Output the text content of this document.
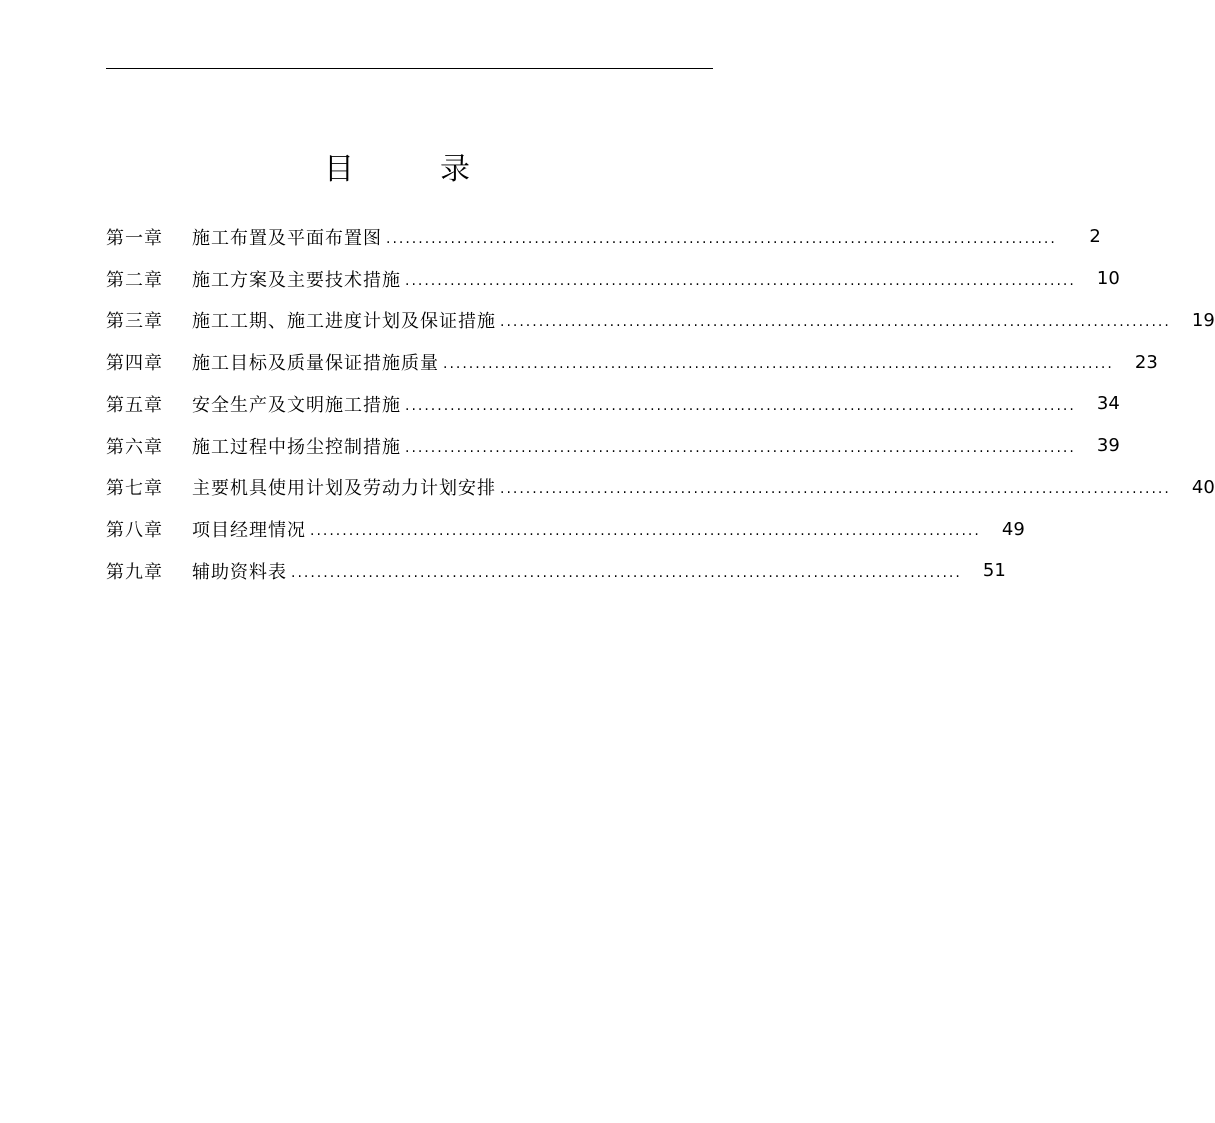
目　录
第一章	施工布置及平面布置图 ........................................................................................................	2
第二章	施工方案及主要技术措施 ........................................................................................................	10
第三章	施工工期、施工进度计划及保证措施 ........................................................................................................	19
第四章	施工目标及质量保证措施质量 ........................................................................................................	23
第五章	安全生产及文明施工措施 ........................................................................................................	34
第六章	施工过程中扬尘控制措施 ........................................................................................................	39
第七章	主要机具使用计划及劳动力计划安排 ........................................................................................................	40
第八章	项目经理情况 ........................................................................................................	49
第九章	辅助资料表 ........................................................................................................	51
